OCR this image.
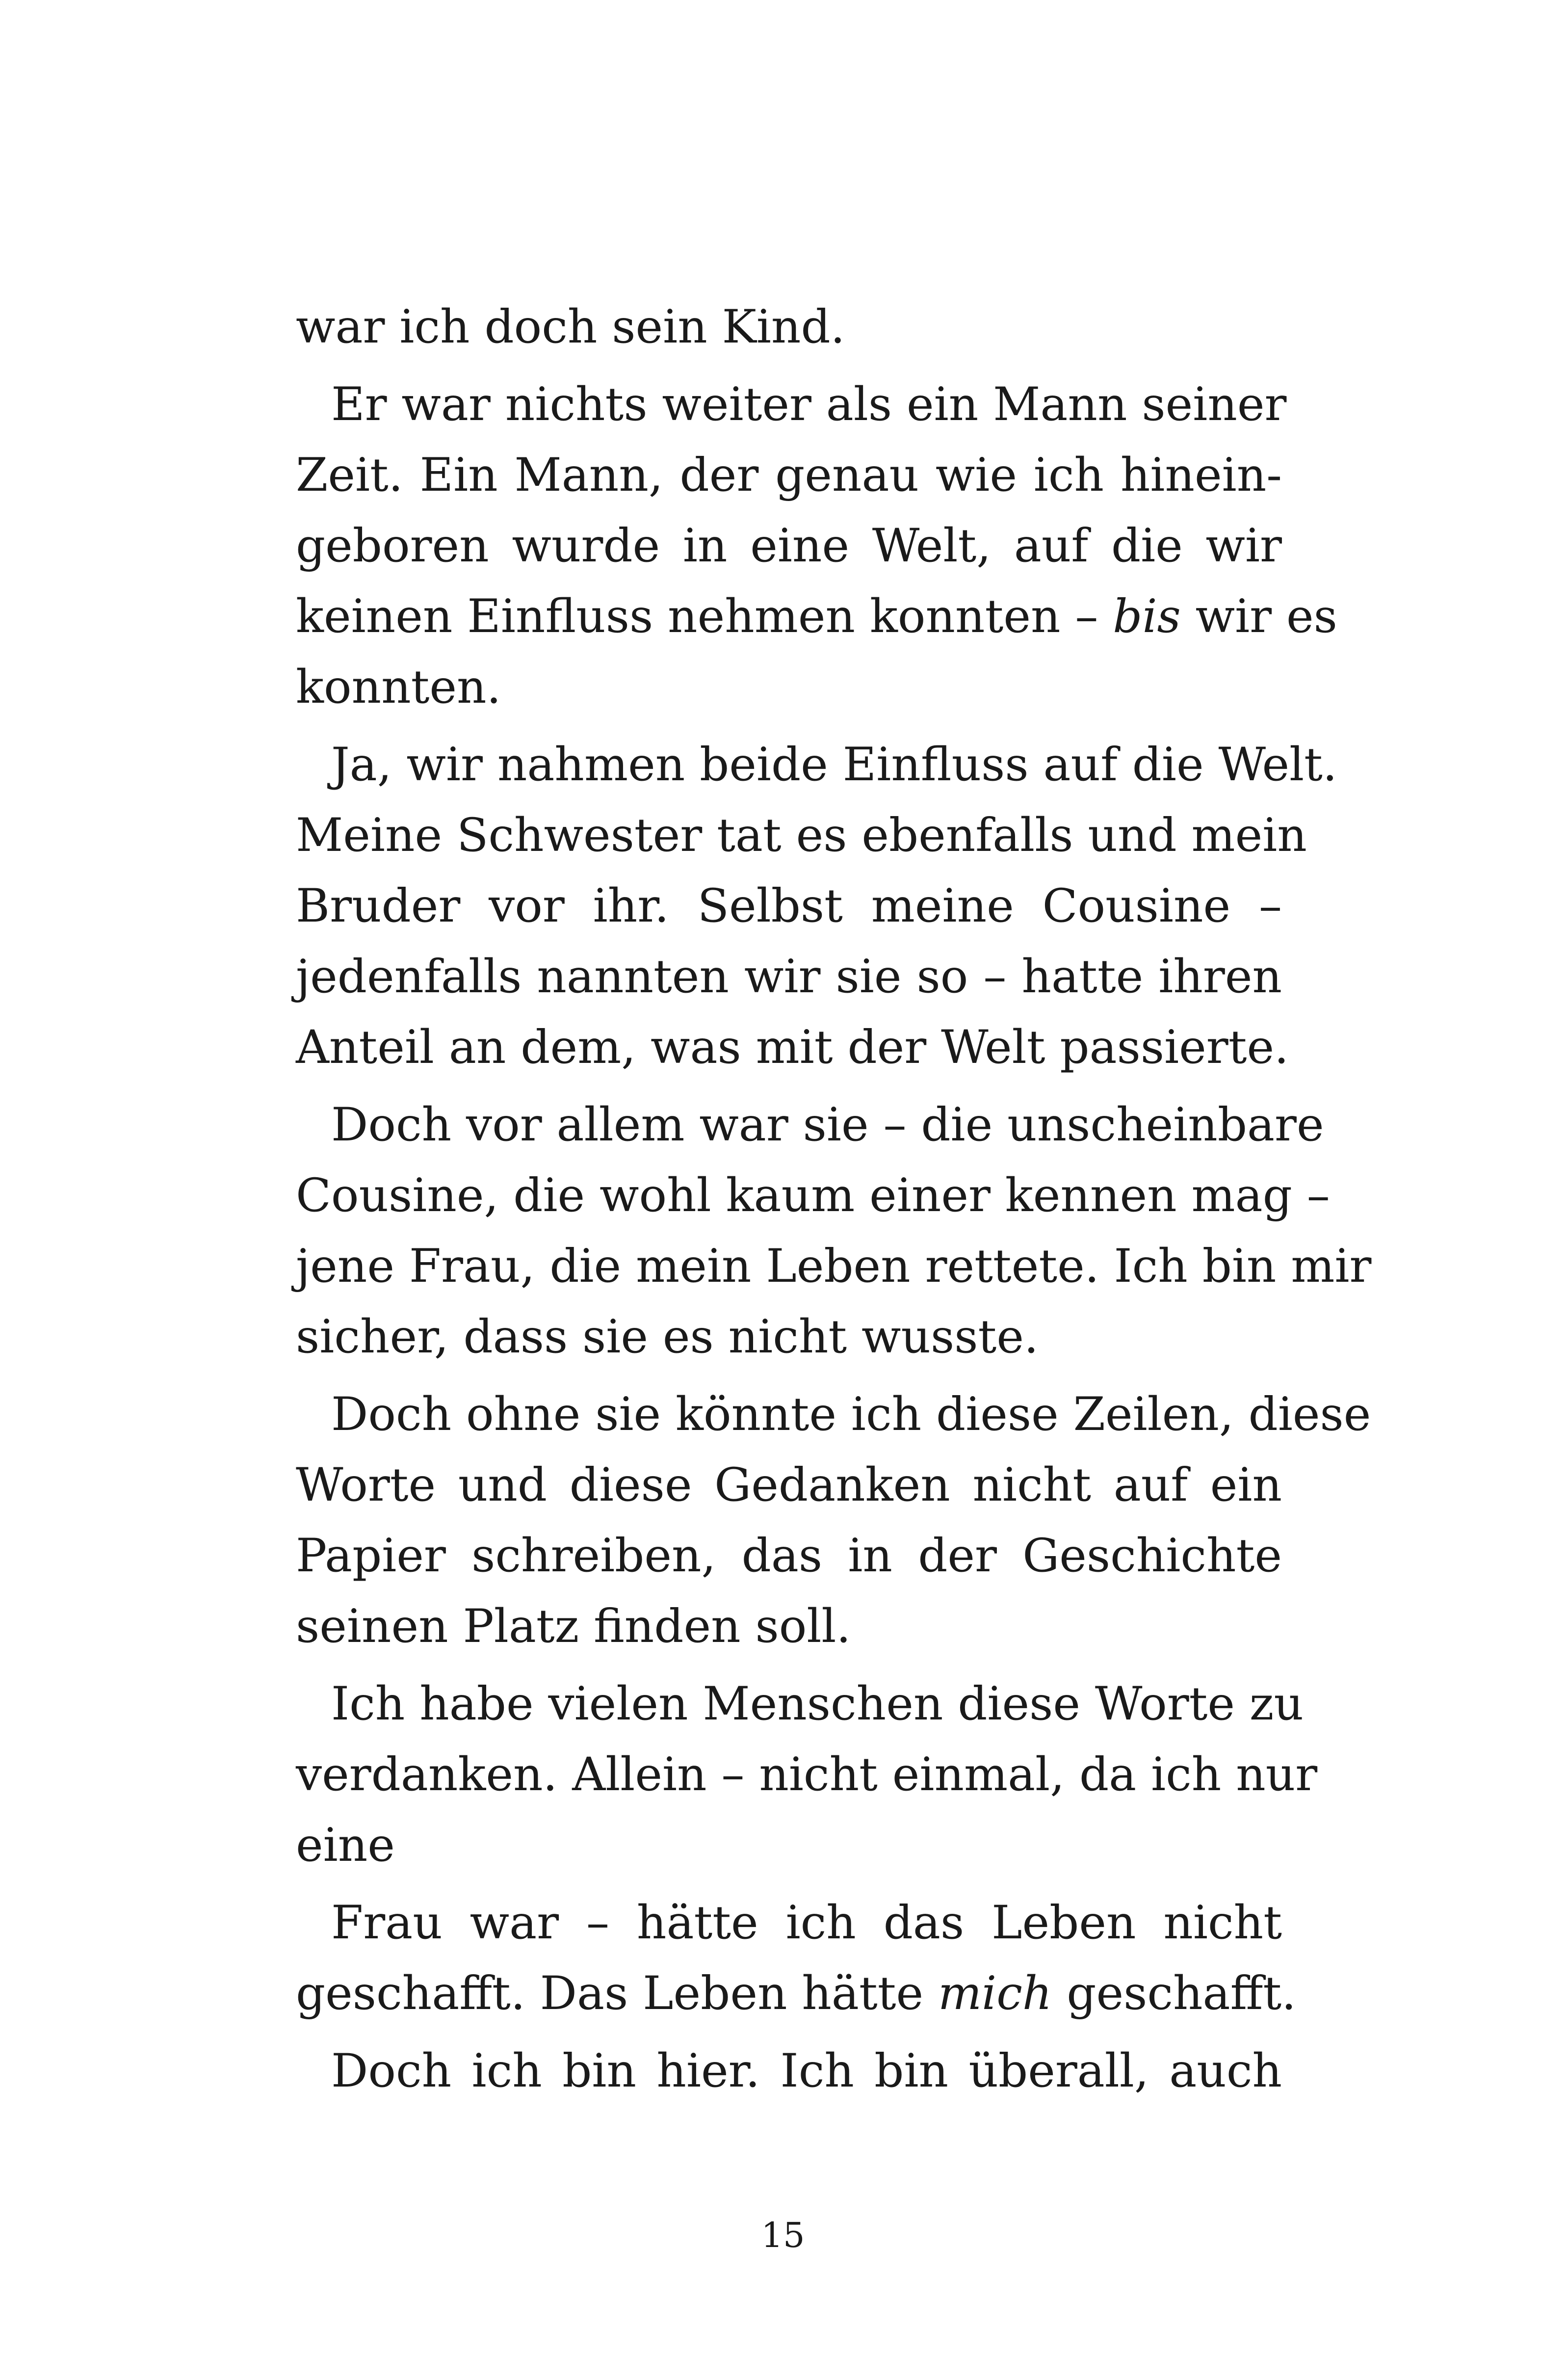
war ich doch sein Kind.
Er war nichts weiter als ein Mann seiner
Zeit. Ein Mann, der genau wie ich hinein-
geboren wurde in eine Welt, auf die wir
keinen Einfluss nehmen konnten – bis wir es
konnten.
Ja, wir nahmen beide Einfluss auf die Welt.
Meine Schwester tat es ebenfalls und mein
Bruder vor ihr. Selbst meine Cousine –
jedenfalls nannten wir sie so – hatte ihren
Anteil an dem, was mit der Welt passierte.
Doch vor allem war sie – die unscheinbare
Cousine, die wohl kaum einer kennen mag –
jene Frau, die mein Leben rettete. Ich bin mir
sicher, dass sie es nicht wusste.
Doch ohne sie könnte ich diese Zeilen, diese
Worte und diese Gedanken nicht auf ein
Papier schreiben, das in der Geschichte
seinen Platz finden soll.
Ich habe vielen Menschen diese Worte zu
verdanken. Allein – nicht einmal, da ich nur
eine
Frau war – hätte ich das Leben nicht
geschafft. Das Leben hätte mich geschafft.
Doch ich bin hier. Ich bin überall, auch
15
